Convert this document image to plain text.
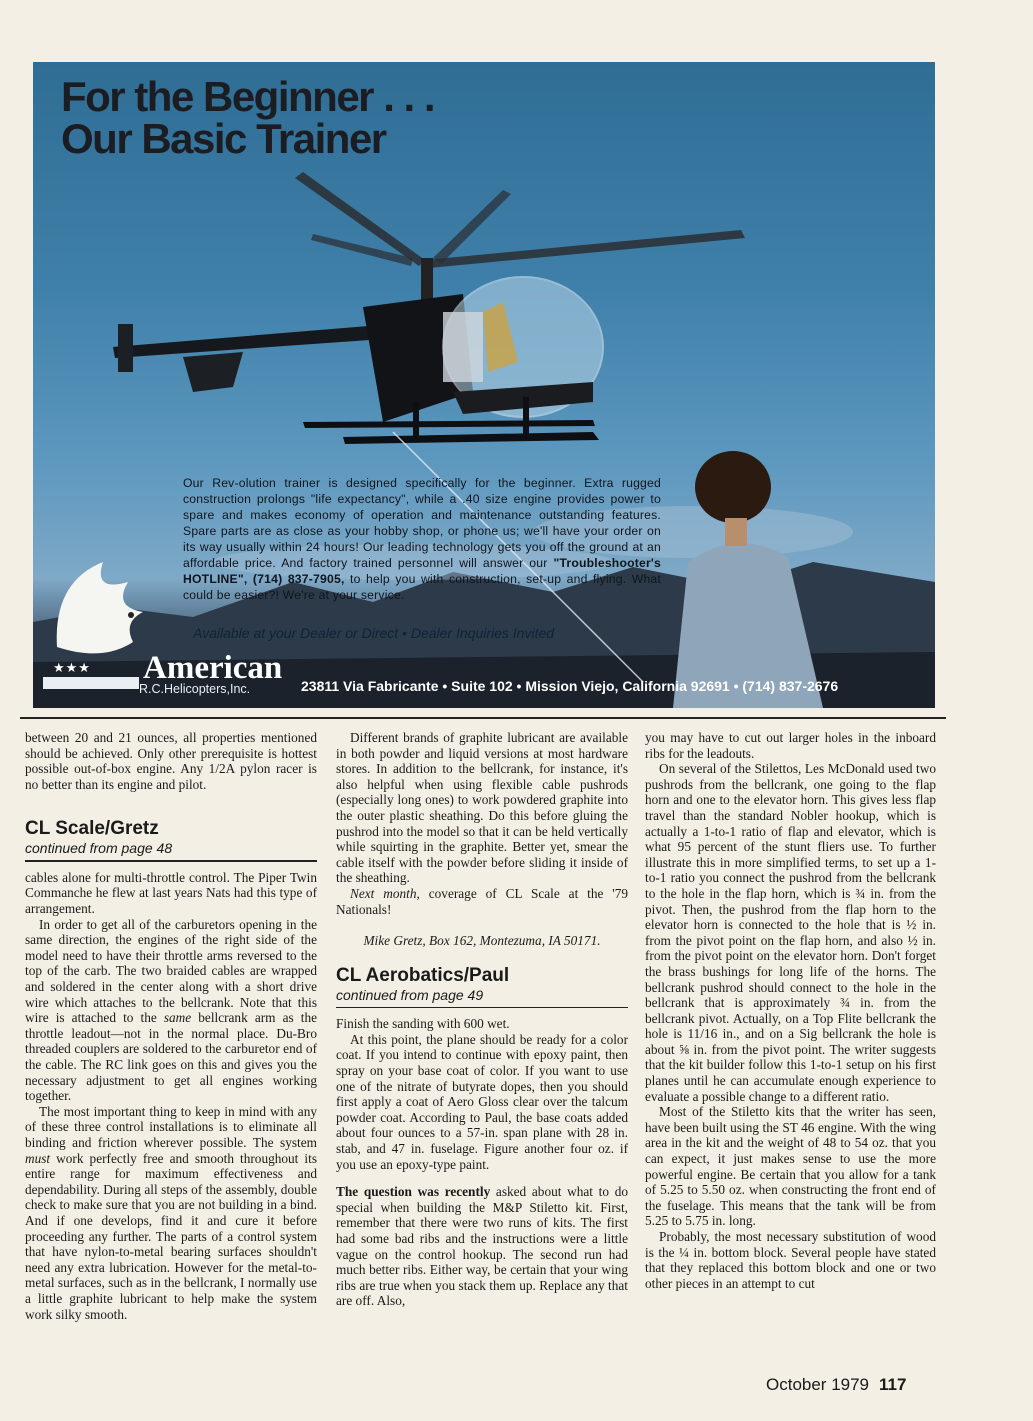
For the Beginner . . .
Our Basic Trainer
Our Rev-olution trainer is designed specifically for the beginner. Extra rugged construction prolongs "life expectancy", while a .40 size engine provides power to spare and makes economy of operation and maintenance outstanding features. Spare parts are as close as your hobby shop, or phone us; we'll have your order on its way usually within 24 hours! Our leading technology gets you off the ground at an affordable price. And factory trained personnel will answer our "Troubleshooter's HOTLINE", (714) 837-7905, to help you with construction, set-up and flying. What could be easier?! We're at your service.
Available at your Dealer or Direct • Dealer Inquiries Invited
★★★ American
R.C.Helicopters,Inc.	23811 Via Fabricante • Suite 102 • Mission Viejo, California 92691 • (714) 837-2676

between 20 and 21 ounces, all properties mentioned should be achieved. Only other prerequisite is hottest possible out-of-box engine. Any 1/2A pylon racer is no better than its engine and pilot.

CL Scale/Gretz

continued from page 48

cables alone for multi-throttle control. The Piper Twin Commanche he flew at last years Nats had this type of arrangement.

In order to get all of the carburetors opening in the same direction, the engines of the right side of the model need to have their throttle arms reversed to the top of the carb. The two braided cables are wrapped and soldered in the center along with a short drive wire which attaches to the bellcrank. Note that this wire is attached to the same bellcrank arm as the throttle leadout—not in the normal place. Du-Bro threaded couplers are soldered to the carburetor end of the cable. The RC link goes on this and gives you the necessary adjustment to get all engines working together.

The most important thing to keep in mind with any of these three control installations is to eliminate all binding and friction wherever possible. The system must work perfectly free and smooth throughout its entire range for maximum effectiveness and dependability. During all steps of the assembly, double check to make sure that you are not building in a bind. And if one develops, find it and cure it before proceeding any further. The parts of a control system that have nylon-to-metal bearing surfaces shouldn't need any extra lubrication. However for the metal-to-metal surfaces, such as in the bellcrank, I normally use a little graphite lubricant to help make the system work silky smooth.

Different brands of graphite lubricant are available in both powder and liquid versions at most hardware stores. In addition to the bellcrank, for instance, it's also helpful when using flexible cable pushrods (especially long ones) to work powdered graphite into the outer plastic sheathing. Do this before gluing the pushrod into the model so that it can be held vertically while squirting in the graphite. Better yet, smear the cable itself with the powder before sliding it inside of the sheathing.

Next month, coverage of CL Scale at the '79 Nationals!

Mike Gretz, Box 162, Montezuma, IA 50171.

CL Aerobatics/Paul

continued from page 49

Finish the sanding with 600 wet.

At this point, the plane should be ready for a color coat. If you intend to continue with epoxy paint, then spray on your base coat of color. If you want to use one of the nitrate of butyrate dopes, then you should first apply a coat of Aero Gloss clear over the talcum powder coat. According to Paul, the base coats added about four ounces to a 57-in. span plane with 28 in. stab, and 47 in. fuselage. Figure another four oz. if you use an epoxy-type paint.

The question was recently asked about what to do special when building the M&P Stiletto kit. First, remember that there were two runs of kits. The first had some bad ribs and the instructions were a little vague on the control hookup. The second run had much better ribs. Either way, be certain that your wing ribs are true when you stack them up. Replace any that are off. Also,

you may have to cut out larger holes in the inboard ribs for the leadouts.

On several of the Stilettos, Les McDonald used two pushrods from the bellcrank, one going to the flap horn and one to the elevator horn. This gives less flap travel than the standard Nobler hookup, which is actually a 1-to-1 ratio of flap and elevator, which is what 95 percent of the stunt fliers use. To further illustrate this in more simplified terms, to set up a 1-to-1 ratio you connect the pushrod from the bellcrank to the hole in the flap horn, which is ¾ in. from the pivot. Then, the pushrod from the flap horn to the elevator horn is connected to the hole that is ½ in. from the pivot point on the flap horn, and also ½ in. from the pivot point on the elevator horn. Don't forget the brass bushings for long life of the horns. The bellcrank pushrod should connect to the hole in the bellcrank that is approximately ¾ in. from the bellcrank pivot. Actually, on a Top Flite bellcrank the hole is 11/16 in., and on a Sig bellcrank the hole is about ⅝ in. from the pivot point. The writer suggests that the kit builder follow this 1-to-1 setup on his first planes until he can accumulate enough experience to evaluate a possible change to a different ratio.

Most of the Stiletto kits that the writer has seen, have been built using the ST 46 engine. With the wing area in the kit and the weight of 48 to 54 oz. that you can expect, it just makes sense to use the more powerful engine. Be certain that you allow for a tank of 5.25 to 5.50 oz. when constructing the front end of the fuselage. This means that the tank will be from 5.25 to 5.75 in. long.

Probably, the most necessary substitution of wood is the ¼ in. bottom block. Several people have stated that they replaced this bottom block and one or two other pieces in an attempt to cut

October 1979 117
